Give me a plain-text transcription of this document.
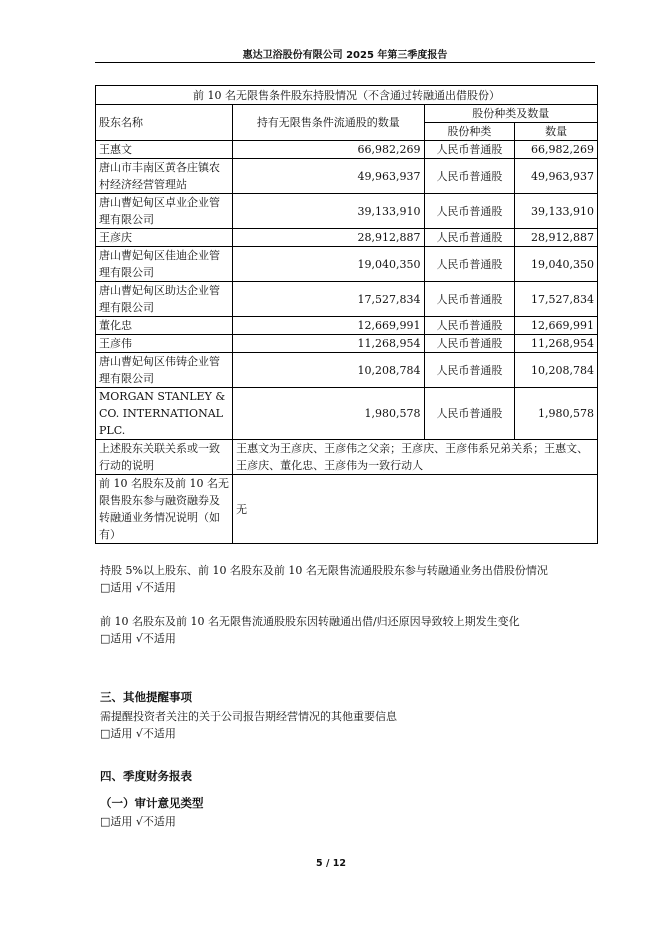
惠达卫浴股份有限公司 2025 年第三季度报告
前 10 名无限售条件股东持股情况（不含通过转融通出借股份）			
股东名称	持有无限售条件流通股的数量	股份种类及数量	
		股份种类	数量
王惠文	66,982,269	人民币普通股	66,982,269
唐山市丰南区黄各庄镇农村经济经营管理站	49,963,937	人民币普通股	49,963,937
唐山曹妃甸区卓业企业管理有限公司	39,133,910	人民币普通股	39,133,910
王彦庆	28,912,887	人民币普通股	28,912,887
唐山曹妃甸区佳迪企业管理有限公司	19,040,350	人民币普通股	19,040,350
唐山曹妃甸区助达企业管理有限公司	17,527,834	人民币普通股	17,527,834
董化忠	12,669,991	人民币普通股	12,669,991
王彦伟	11,268,954	人民币普通股	11,268,954
唐山曹妃甸区伟铸企业管理有限公司	10,208,784	人民币普通股	10,208,784
MORGAN STANLEY & CO. INTERNATIONAL PLC.	1,980,578	人民币普通股	1,980,578
上述股东关联关系或一致行动的说明	王惠文为王彦庆、王彦伟之父亲；王彦庆、王彦伟系兄弟关系；王惠文、王彦庆、董化忠、王彦伟为一致行动人		
前 10 名股东及前 10 名无限售股东参与融资融券及转融通业务情况说明（如有）	无		
持股 5%以上股东、前 10 名股东及前 10 名无限售流通股股东参与转融通业务出借股份情况
□适用 √不适用
前 10 名股东及前 10 名无限售流通股股东因转融通出借/归还原因导致较上期发生变化
□适用 √不适用
三、其他提醒事项
需提醒投资者关注的关于公司报告期经营情况的其他重要信息
□适用 √不适用
四、季度财务报表
（一）审计意见类型
□适用 √不适用
5 / 12
